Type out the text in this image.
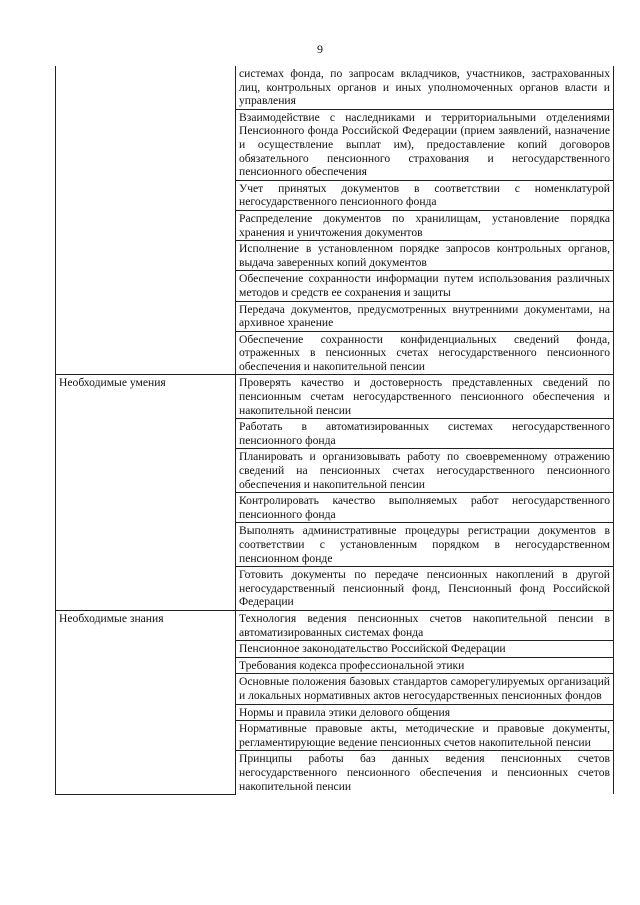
9
	системах фонда, по запросам вкладчиков, участников, застрахованных лиц, контрольных органов и иных уполномоченных органов власти и управления
	Взаимодействие с наследниками и территориальными отделениями Пенсионного фонда Российской Федерации (прием заявлений, назначение и осуществление выплат им), предоставление копий договоров обязательного пенсионного страхования и негосударственного пенсионного обеспечения
	Учет принятых документов в соответствии с номенклатурой негосударственного пенсионного фонда
	Распределение документов по хранилищам, установление порядка хранения и уничтожения документов
	Исполнение в установленном порядке запросов контрольных органов, выдача заверенных копий документов
	Обеспечение сохранности информации путем использования различных методов и средств ее сохранения и защиты
	Передача документов, предусмотренных внутренними документами, на архивное хранение
	Обеспечение сохранности конфиденциальных сведений фонда, отраженных в пенсионных счетах негосударственного пенсионного обеспечения и накопительной пенсии
Необходимые умения	Проверять качество и достоверность представленных сведений по пенсионным счетам негосударственного пенсионного обеспечения и накопительной пенсии
	Работать в автоматизированных системах негосударственного пенсионного фонда
	Планировать и организовывать работу по своевременному отражению сведений на пенсионных счетах негосударственного пенсионного обеспечения и накопительной пенсии
	Контролировать качество выполняемых работ негосударственного пенсионного фонда
	Выполнять административные процедуры регистрации документов в соответствии с установленным порядком в негосударственном пенсионном фонде
	Готовить документы по передаче пенсионных накоплений в другой негосударственный пенсионный фонд, Пенсионный фонд Российской Федерации
Необходимые знания	Технология ведения пенсионных счетов накопительной пенсии в автоматизированных системах фонда
	Пенсионное законодательство Российской Федерации
	Требования кодекса профессиональной этики
	Основные положения базовых стандартов саморегулируемых организаций и локальных нормативных актов негосударственных пенсионных фондов
	Нормы и правила этики делового общения
	Нормативные правовые акты, методические и правовые документы, регламентирующие ведение пенсионных счетов накопительной пенсии
	Принципы работы баз данных ведения пенсионных счетов негосударственного пенсионного обеспечения и пенсионных счетов накопительной пенсии
